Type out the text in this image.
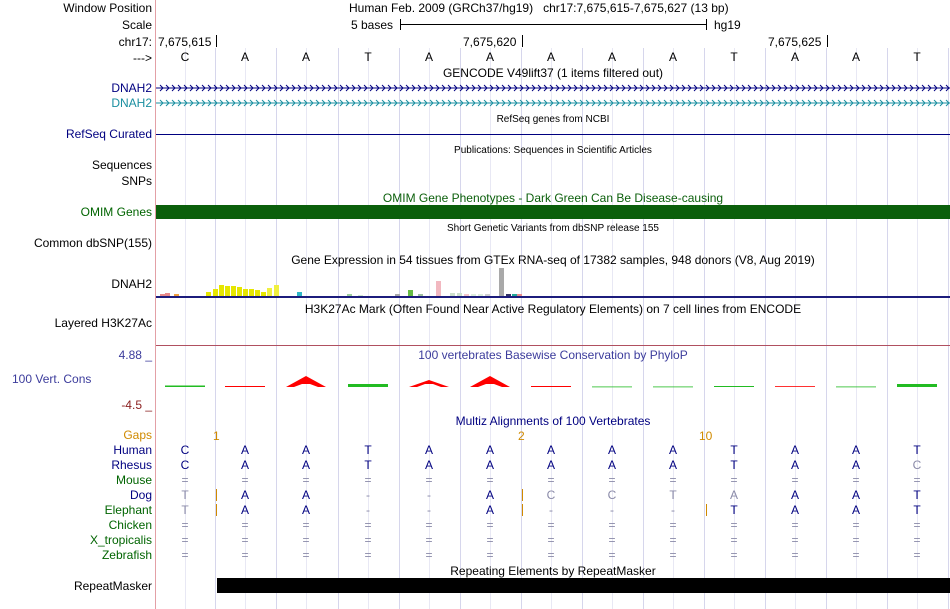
Window Position
Scale
chr17:
--->
Human Feb. 2009 (GRCh37/hg19)   chr17:7,675,615-7,675,627 (13 bp)
5 bases	hg19
7,675,615	7,675,620	7,675,625
C	A	A	T	A	A	A	A	A	T	A	A	T
GENCODE V49lift37 (1 items filtered out)
DNAH2
DNAH2
RefSeq genes from NCBI
RefSeq Curated
Publications: Sequences in Scientific Articles
Sequences
SNPs
OMIM Gene Phenotypes - Dark Green Can Be Disease-causing
OMIM Genes
Short Genetic Variants from dbSNP release 155
Common dbSNP(155)
Gene Expression in 54 tissues from GTEx RNA-seq of 17382 samples, 948 donors (V8, Aug 2019)
DNAH2
H3K27Ac Mark (Often Found Near Active Regulatory Elements) on 7 cell lines from ENCODE
Layered H3K27Ac
100 vertebrates Basewise Conservation by PhyloP
4.88 _
100 Vert. Cons
-4.5 _
Multiz Alignments of 100 Vertebrates
Gaps	1	2	10
Human	C	A	A	T	A	A	A	A	A	T	A	A	T
Rhesus	C	A	A	T	A	A	A	A	A	T	A	A	C
Mouse	=	=	=	=	=	=	=	=	=	=	=	=	=
Dog	T	A	A	-	-	A	C	C	T	A	A	A	T
Elephant	T	A	A	-	-	A	-	-	-	T	A	A	T
Chicken	=	=	=	=	=	=	=	=	=	=	=	=	=
X_tropicalis	=	=	=	=	=	=	=	=	=	=	=	=	=
Zebrafish	=	=	=	=	=	=	=	=	=	=	=	=	=
Repeating Elements by RepeatMasker
RepeatMasker
